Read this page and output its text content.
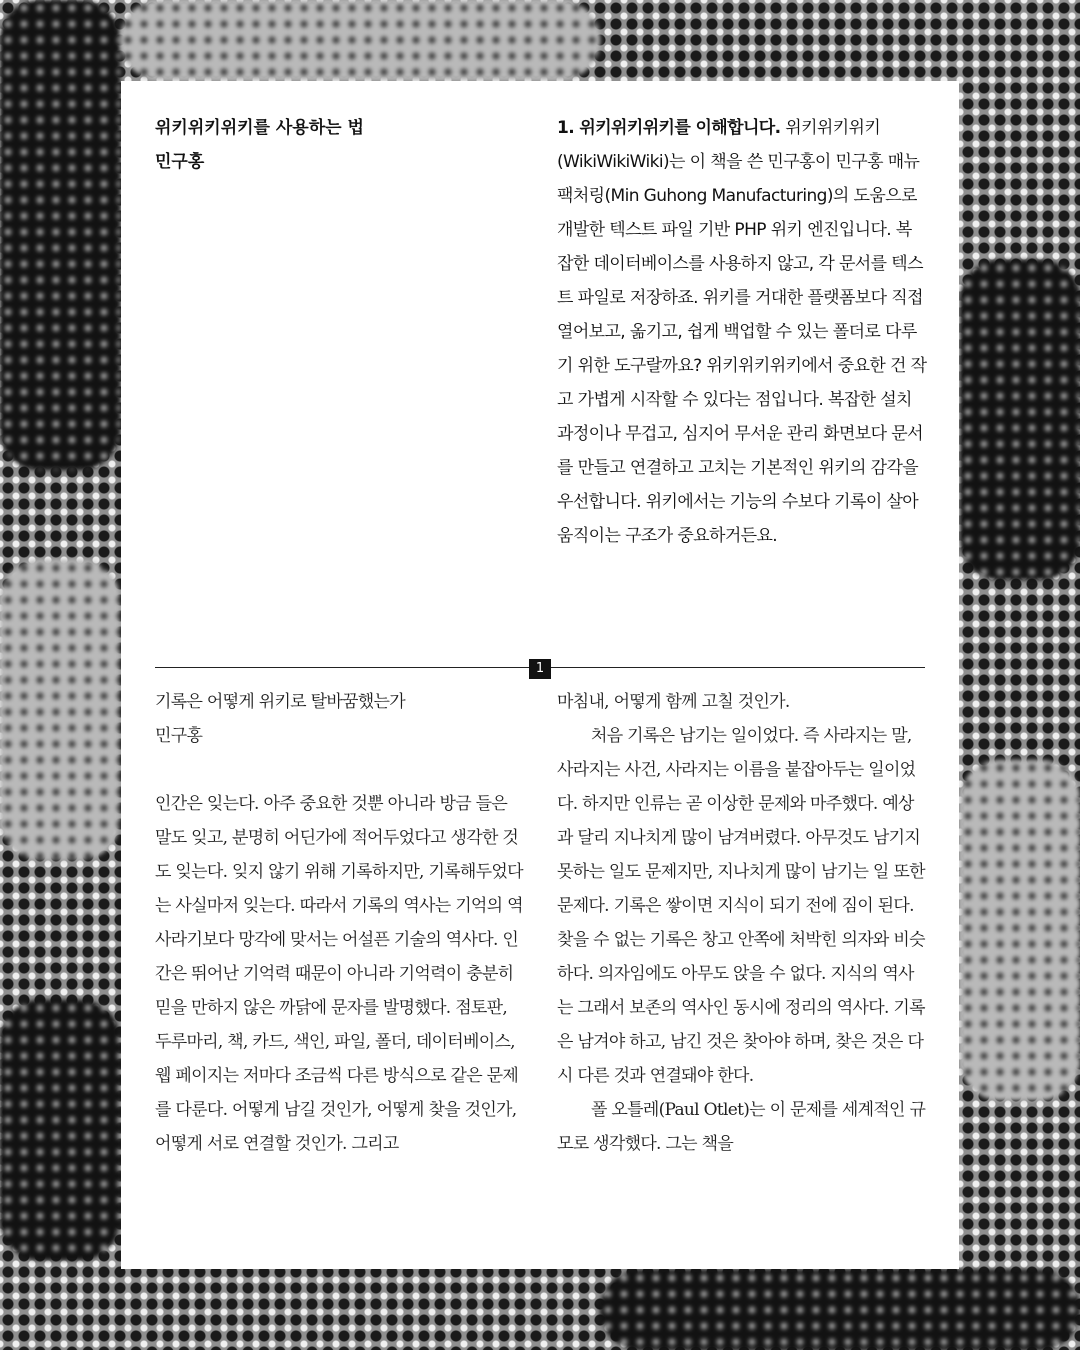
위키위키위키를 사용하는 법
민구홍
1. 위키위키위키를 이해합니다. 위키위키위키(WikiWikiWiki)는 이 책을 쓴 민구홍이 민구홍 매뉴팩처링(Min Guhong Manufacturing)의 도움으로 개발한 텍스트 파일 기반 PHP 위키 엔진입니다. 복잡한 데이터베이스를 사용하지 않고, 각 문서를 텍스트 파일로 저장하죠. 위키를 거대한 플랫폼보다 직접 열어보고, 옮기고, 쉽게 백업할 수 있는 폴더로 다루기 위한 도구랄까요? 위키위키위키에서 중요한 건 작고 가볍게 시작할 수 있다는 점입니다. 복잡한 설치 과정이나 무겁고, 심지어 무서운 관리 화면보다 문서를 만들고 연결하고 고치는 기본적인 위키의 감각을 우선합니다. 위키에서는 기능의 수보다 기록이 살아 움직이는 구조가 중요하거든요.
1
기록은 어떻게 위키로 탈바꿈했는가
민구홍
인간은 잊는다. 아주 중요한 것뿐 아니라 방금 들은 말도 잊고, 분명히 어딘가에 적어두었다고 생각한 것도 잊는다. 잊지 않기 위해 기록하지만, 기록해두었다는 사실마저 잊는다. 따라서 기록의 역사는 기억의 역사라기보다 망각에 맞서는 어설픈 기술의 역사다. 인간은 뛰어난 기억력 때문이 아니라 기억력이 충분히 믿을 만하지 않은 까닭에 문자를 발명했다. 점토판, 두루마리, 책, 카드, 색인, 파일, 폴더, 데이터베이스, 웹 페이지는 저마다 조금씩 다른 방식으로 같은 문제를 다룬다. 어떻게 남길 것인가, 어떻게 찾을 것인가, 어떻게 서로 연결할 것인가. 그리고
마침내, 어떻게 함께 고칠 것인가.
처음 기록은 남기는 일이었다. 즉 사라지는 말, 사라지는 사건, 사라지는 이름을 붙잡아두는 일이었다. 하지만 인류는 곧 이상한 문제와 마주했다. 예상과 달리 지나치게 많이 남겨버렸다. 아무것도 남기지 못하는 일도 문제지만, 지나치게 많이 남기는 일 또한 문제다. 기록은 쌓이면 지식이 되기 전에 짐이 된다. 찾을 수 없는 기록은 창고 안쪽에 처박힌 의자와 비슷하다. 의자임에도 아무도 앉을 수 없다. 지식의 역사는 그래서 보존의 역사인 동시에 정리의 역사다. 기록은 남겨야 하고, 남긴 것은 찾아야 하며, 찾은 것은 다시 다른 것과 연결돼야 한다.
폴 오틀레(Paul Otlet)는 이 문제를 세계적인 규모로 생각했다. 그는 책을
